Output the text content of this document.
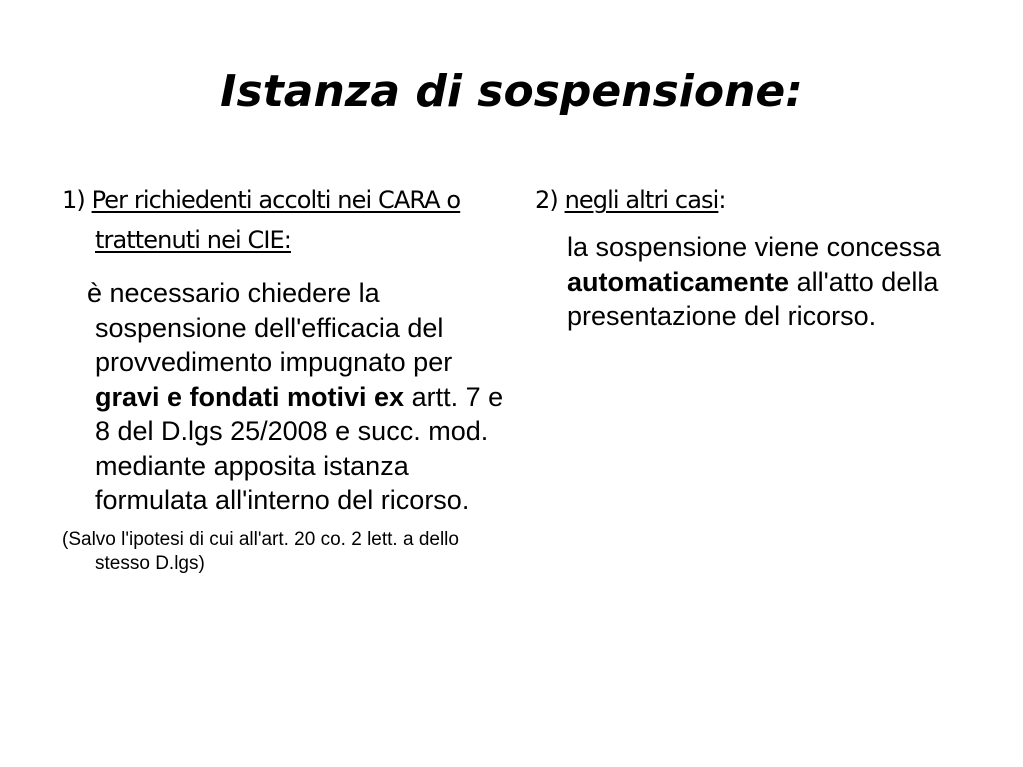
Istanza di sospensione:

1) Per richiedenti accolti nei CARA o trattenuti nei CIE:

è necessario chiedere la sospensione dell'efficacia del provvedimento impugnato per gravi e fondati motivi ex artt. 7 e 8 del D.lgs 25/2008 e succ. mod. mediante apposita istanza formulata all'interno del ricorso.

(Salvo l'ipotesi di cui all'art. 20 co. 2 lett. a dello stesso D.lgs)

2) negli altri casi:

la sospensione viene concessa automaticamente all'atto della presentazione del ricorso.
